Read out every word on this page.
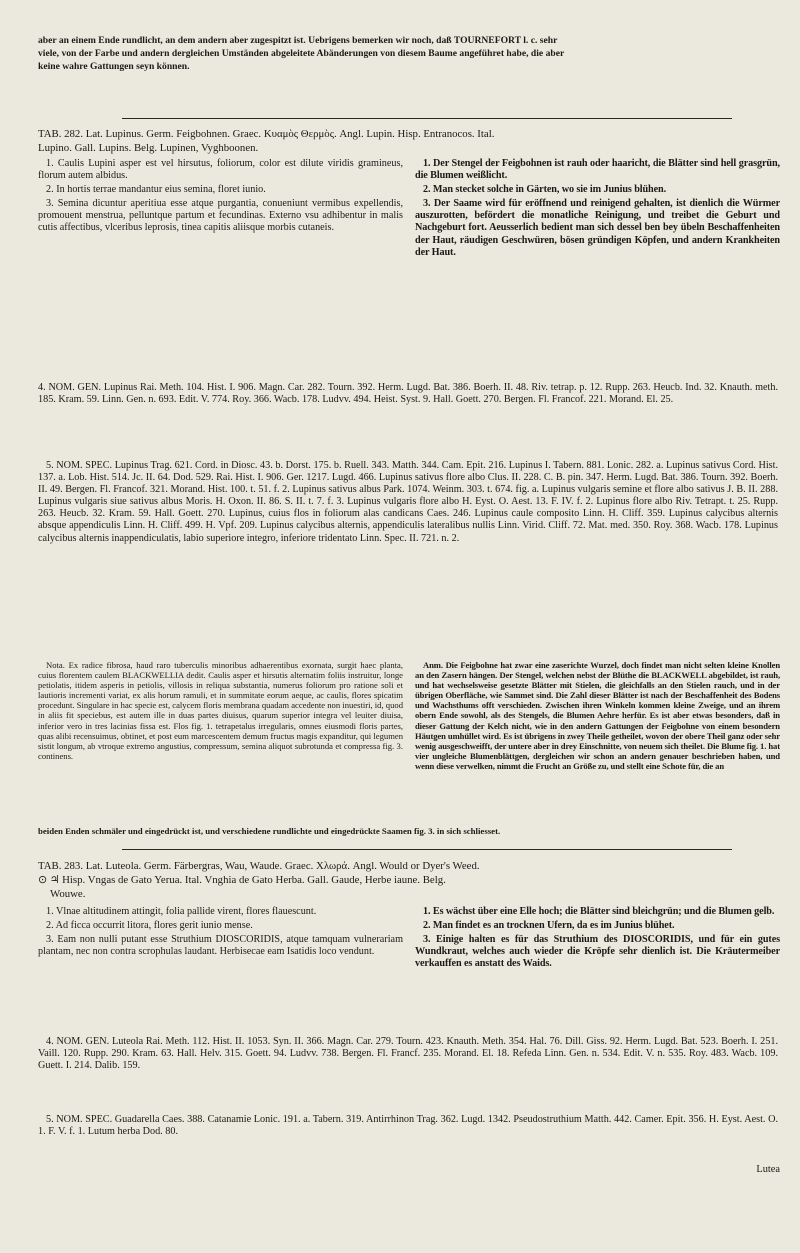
aber an einem Ende rundlicht, an dem andern aber zugespitzt ist. Uebrigens bemerken wir noch, daß TOURNEFORT l. c. sehr
viele, von der Farbe und andern dergleichen Umständen abgeleitete Abänderungen von diesem Baume angeführet habe, die aber
keine wahre Gattungen seyn können.
TAB. 282. Lat. Lupinus. Germ. Feigbohnen. Graec. Κυαμὸς Θερμὸς. Angl. Lupin. Hisp. Entranocos. Ital.
Lupino. Gall. Lupins. Belg. Lupinen, Vyghboonen.
1. Caulis Lupini asper est vel hirsutus, foliorum, color est dilute viridis gramineus, florum autem albidus.
2. In hortis terrae mandantur eius semina, floret iunio.
3. Semina dicuntur aperitiua esse atque purgantia, conueniunt vermibus expellendis, promouent menstrua, pelluntque partum et fecundinas. Externo vsu adhibentur in malis cutis affectibus, vlceribus leprosis, tinea capitis aliisque morbis cutaneis.
1. Der Stengel der Feigbohnen ist rauh oder haaricht, die Blätter sind hell grasgrün, die Blumen weißlicht.
2. Man stecket solche in Gärten, wo sie im Junius blühen.
3. Der Saame wird für eröffnend und reinigend gehalten, ist dienlich die Würmer auszurotten, befördert die monatliche Reinigung, und treibet die Geburt und Nachgeburt fort. Aeusserlich bedient man sich dessel ben bey übeln Beschaffenheiten der Haut, räudigen Geschwüren, bösen gründigen Köpfen, und andern Krankheiten der Haut.
4. NOM. GEN. Lupinus Rai. Meth. 104. Hist. I. 906. Magn. Car. 282. Tourn. 392. Herm. Lugd. Bat. 386. Boerh. II. 48. Riv. tetrap. p. 12. Rupp. 263. Heucb. Ind. 32. Knauth. meth. 185. Kram. 59. Linn. Gen. n. 693. Edit. V. 774. Roy. 366. Wacb. 178. Ludvv. 494. Heist. Syst. 9. Hall. Goett. 270. Bergen. Fl. Francof. 221. Morand. El. 25.
5. NOM. SPEC. Lupinus Trag. 621. Cord. in Diosc. 43. b. Dorst. 175. b. Ruell. 343. Matth. 344. Cam. Epit. 216. Lupinus I. Tabern. 881. Lonic. 282. a. Lupinus sativus Cord. Hist. 137. a. Lob. Hist. 514. Jc. II. 64. Dod. 529. Rai. Hist. I. 906. Ger. 1217. Lugd. 466. Lupinus sativus flore albo Clus. II. 228. C. B. pin. 347. Herm. Lugd. Bat. 386. Tourn. 392. Boerh. II. 49. Bergen. Fl. Francof. 321. Morand. Hist. 100. t. 51. f. 2. Lupinus sativus albus Park. 1074. Weinm. 303. t. 674. fig. a. Lupinus vulgaris semine et flore albo sativus J. B. II. 288. Lupinus vulgaris siue sativus albus Moris. H. Oxon. II. 86. S. II. t. 7. f. 3. Lupinus vulgaris flore albo H. Eyst. O. Aest. 13. F. IV. f. 2. Lupinus flore albo Riv. Tetrapt. t. 25. Rupp. 263. Heucb. 32. Kram. 59. Hall. Goett. 270. Lupinus, cuius flos in foliorum alas candicans Caes. 246. Lupinus caule composito Linn. H. Cliff. 359. Lupinus calycibus alternis absque appendiculis Linn. H. Cliff. 499. H. Vpf. 209. Lupinus calycibus alternis, appendiculis lateralibus nullis Linn. Virid. Cliff. 72. Mat. med. 350. Roy. 368. Wacb. 178. Lupinus calycibus alternis inappendiculatis, labio superiore integro, inferiore tridentato Linn. Spec. II. 721. n. 2.
Nota. Ex radice fibrosa, haud raro tuberculis minoribus adhaerentibus exornata, surgit haec planta, cuius florentem caulem BLACKWELLIA dedit. Caulis asper et hirsutis alternatim foliis instruitur, longe petiolatis, itidem asperis in petiolis, villosis in reliqua substantia, numerus foliorum pro ratione soli et lautioris incrementi variat, ex alis horum ramuli, et in summitate eorum aeque, ac caulis, flores spicatim procedunt. Singulare in hac specie est, calycem floris membrana quadam accedente non inuestiri, id, quod in aliis fit speciebus, est autem ille in duas partes diuisus, quarum superior integra vel leuiter diuisa, inferior vero in tres lacinias fissa est. Flos fig. 1. tetrapetalus irregularis, omnes eiusmodi floris partes, quas alibi recensuimus, obtinet, et post eum marcescentem demum fructus magis expanditur, qui legumen sistit longum, ab vtroque extremo angustius, compressum, semina aliquot subrotunda et compressa fig. 3. continens.
Anm. Die Feigbohne hat zwar eine zaserichte Wurzel, doch findet man nicht selten kleine Knollen an den Zasern hängen. Der Stengel, welchen nebst der Blüthe die BLACKWELL abgebildet, ist rauh, und hat wechselsweise gesetzte Blätter mit Stielen, die gleichfalls an den Stielen rauch, und in der übrigen Oberfläche, wie Sammet sind. Die Zahl dieser Blätter ist nach der Beschaffenheit des Bodens und Wachsthums offt verschieden. Zwischen ihren Winkeln kommen kleine Zweige, und an ihrem obern Ende sowohl, als des Stengels, die Blumen Aehre herfür. Es ist aber etwas besonders, daß in dieser Gattung der Kelch nicht, wie in den andern Gattungen der Feigbohne von einem besondern Häutgen umhüllet wird. Es ist übrigens in zwey Theile getheilet, wovon der obere Theil ganz oder sehr wenig ausgeschweifft, der untere aber in drey Einschnitte, von neuem sich theilet. Die Blume fig. 1. hat vier ungleiche Blumenblättgen, dergleichen wir schon an andern genauer beschrieben haben, und wenn diese verwelken, nimmt die Frucht an Größe zu, und stellt eine Schote für, die an
beiden Enden schmäler und eingedrückt ist, und verschiedene rundlichte und eingedrückte Saamen fig. 3. in sich schliesset.
TAB. 283. Lat. Luteola. Germ. Färbergras, Wau, Waude. Graec. Χλωρά. Angl. Would or Dyer's Weed.
⊙ ♃ Hisp. Vngas de Gato Yerua. Ital. Vnghia de Gato Herba. Gall. Gaude, Herbe iaune. Belg.
Wouwe.
1. Vlnae altitudinem attingit, folia pallide virent, flores flauescunt.
2. Ad ficca occurrit litora, flores gerit iunio mense.
3. Eam non nulli putant esse Struthium DIOSCORIDIS, atque tamquam vulnerariam plantam, nec non contra scrophulas laudant. Herbisecae eam Isatidis loco vendunt.
1. Es wächst über eine Elle hoch; die Blätter sind bleichgrün; und die Blumen gelb.
2. Man findet es an trocknen Ufern, da es im Junius blühet.
3. Einige halten es für das Struthium des DIOSCORIDIS, und für ein gutes Wundkraut, welches auch wieder die Kröpfe sehr dienlich ist. Die Kräutermeiber verkauffen es anstatt des Waids.
4. NOM. GEN. Luteola Rai. Meth. 112. Hist. II. 1053. Syn. II. 366. Magn. Car. 279. Tourn. 423. Knauth. Meth. 354. Hal. 76. Dill. Giss. 92. Herm. Lugd. Bat. 523. Boerh. I. 251. Vaill. 120. Rupp. 290. Kram. 63. Hall. Helv. 315. Goett. 94. Ludvv. 738. Bergen. Fl. Francf. 235. Morand. El. 18. Refeda Linn. Gen. n. 534. Edit. V. n. 535. Roy. 483. Wacb. 109. Guett. I. 214. Dalib. 159.
5. NOM. SPEC. Guadarella Caes. 388. Catanamie Lonic. 191. a. Tabern. 319. Antirrhinon Trag. 362. Lugd. 1342. Pseudostruthium Matth. 442. Camer. Epit. 356. H. Eyst. Aest. O. 1. F. V. f. 1. Lutum herba Dod. 80.
Lutea
